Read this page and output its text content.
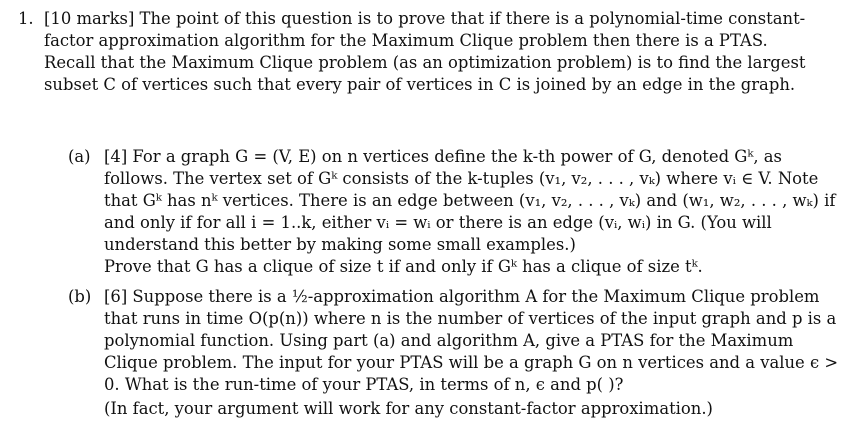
1. [10 marks] The point of this question is to prove that if there is a polynomial-time constant-factor approximation algorithm for the Maximum Clique problem then there is a PTAS. Recall that the Maximum Clique problem (as an optimization problem) is to find the largest subset C of vertices such that every pair of vertices in C is joined by an edge in the graph.

(a) [4] For a graph G = (V, E) on n vertices define the k-th power of G, denoted Gᵏ, as follows. The vertex set of Gᵏ consists of the k-tuples (v₁, v₂, . . . , vₖ) where vᵢ ∈ V. Note that Gᵏ has nᵏ vertices. There is an edge between (v₁, v₂, . . . , vₖ) and (w₁, w₂, . . . , wₖ) if and only if for all i = 1..k, either vᵢ = wᵢ or there is an edge (vᵢ, wᵢ) in G. (You will understand this better by making some small examples.)

Prove that G has a clique of size t if and only if Gᵏ has a clique of size tᵏ.

(b) [6] Suppose there is a ½-approximation algorithm A for the Maximum Clique problem that runs in time O(p(n)) where n is the number of vertices of the input graph and p is a polynomial function. Using part (a) and algorithm A, give a PTAS for the Maximum Clique problem. The input for your PTAS will be a graph G on n vertices and a value ϵ > 0. What is the run-time of your PTAS, in terms of n, ϵ and p( )?

(In fact, your argument will work for any constant-factor approximation.)
